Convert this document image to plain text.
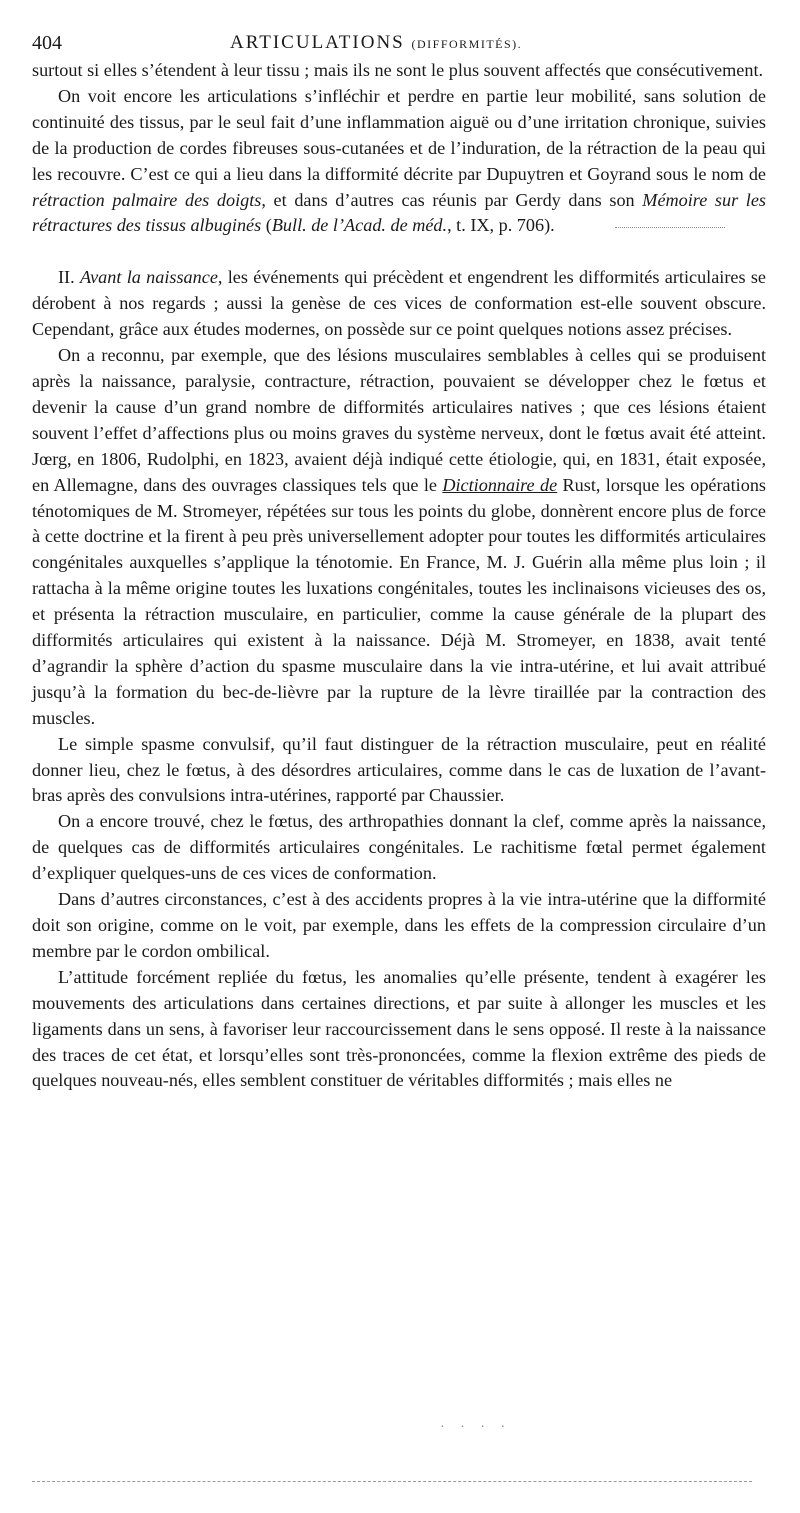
404	ARTICULATIONS (DIFFORMITÉS).

surtout si elles s’étendent à leur tissu ; mais ils ne sont le plus souvent affectés que consécutivement.

On voit encore les articulations s’infléchir et perdre en partie leur mobilité, sans solution de continuité des tissus, par le seul fait d’une inflammation aiguë ou d’une irritation chronique, suivies de la production de cordes fibreuses sous-cutanées et de l’induration, de la rétraction de la peau qui les recouvre. C’est ce qui a lieu dans la difformité décrite par Dupuytren et Goyrand sous le nom de rétraction palmaire des doigts, et dans d’autres cas réunis par Gerdy dans son Mémoire sur les rétractures des tissus albuginés (Bull. de l’Acad. de méd., t. IX, p. 706).

II. Avant la naissance, les événements qui précèdent et engendrent les difformités articulaires se dérobent à nos regards ; aussi la genèse de ces vices de conformation est-elle souvent obscure. Cependant, grâce aux études modernes, on possède sur ce point quelques notions assez précises.

On a reconnu, par exemple, que des lésions musculaires semblables à celles qui se produisent après la naissance, paralysie, contracture, rétraction, pouvaient se développer chez le fœtus et devenir la cause d’un grand nombre de difformités articulaires natives ; que ces lésions étaient souvent l’effet d’affections plus ou moins graves du système nerveux, dont le fœtus avait été atteint. Jœrg, en 1806, Rudolphi, en 1823, avaient déjà indiqué cette étiologie, qui, en 1831, était exposée, en Allemagne, dans des ouvrages classiques tels que le Dictionnaire de Rust, lorsque les opérations ténotomiques de M. Stromeyer, répétées sur tous les points du globe, donnèrent encore plus de force à cette doctrine et la firent à peu près universellement adopter pour toutes les difformités articulaires congénitales auxquelles s’applique la ténotomie. En France, M. J. Guérin alla même plus loin ; il rattacha à la même origine toutes les luxations congénitales, toutes les inclinaisons vicieuses des os, et présenta la rétraction musculaire, en particulier, comme la cause générale de la plupart des difformités articulaires qui existent à la naissance. Déjà M. Stromeyer, en 1838, avait tenté d’agrandir la sphère d’action du spasme musculaire dans la vie intra-utérine, et lui avait attribué jusqu’à la formation du bec-de-lièvre par la rupture de la lèvre tiraillée par la contraction des muscles.

Le simple spasme convulsif, qu’il faut distinguer de la rétraction musculaire, peut en réalité donner lieu, chez le fœtus, à des désordres articulaires, comme dans le cas de luxation de l’avant-bras après des convulsions intra-utérines, rapporté par Chaussier.

On a encore trouvé, chez le fœtus, des arthropathies donnant la clef, comme après la naissance, de quelques cas de difformités articulaires congénitales. Le rachitisme fœtal permet également d’expliquer quelques-uns de ces vices de conformation.

Dans d’autres circonstances, c’est à des accidents propres à la vie intra-utérine que la difformité doit son origine, comme on le voit, par exemple, dans les effets de la compression circulaire d’un membre par le cordon ombilical.

L’attitude forcément repliée du fœtus, les anomalies qu’elle présente, tendent à exagérer les mouvements des articulations dans certaines directions, et par suite à allonger les muscles et les ligaments dans un sens, à favoriser leur raccourcissement dans le sens opposé. Il reste à la naissance des traces de cet état, et lorsqu’elles sont très-prononcées, comme la flexion extrême des pieds de quelques nouveau-nés, elles semblent constituer de véritables difformités ; mais elles ne

· · · ·
